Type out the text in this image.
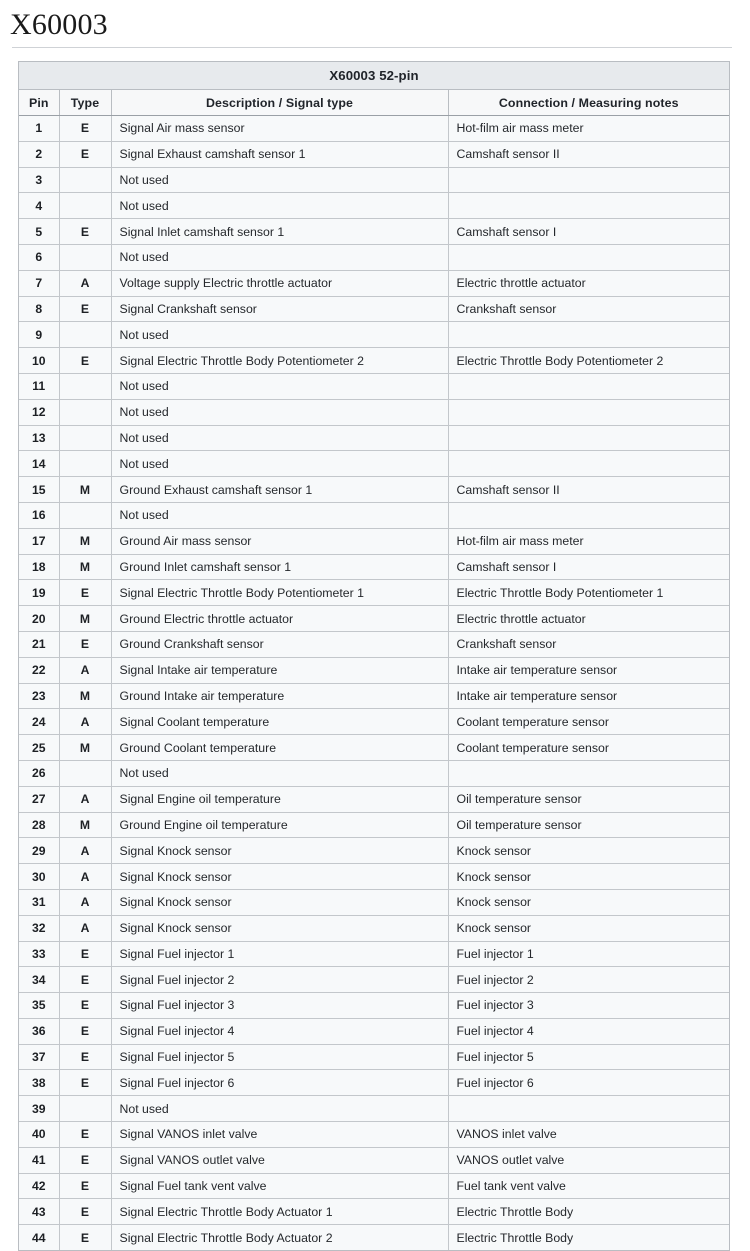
X60003
X60003 52-pin			
Pin	Type	Description / Signal type	Connection / Measuring notes
1	E	Signal Air mass sensor	Hot-film air mass meter
2	E	Signal Exhaust camshaft sensor 1	Camshaft sensor II
3		Not used	
4		Not used	
5	E	Signal Inlet camshaft sensor 1	Camshaft sensor I
6		Not used	
7	A	Voltage supply Electric throttle actuator	Electric throttle actuator
8	E	Signal Crankshaft sensor	Crankshaft sensor
9		Not used	
10	E	Signal Electric Throttle Body Potentiometer 2	Electric Throttle Body Potentiometer 2
11		Not used	
12		Not used	
13		Not used	
14		Not used	
15	M	Ground Exhaust camshaft sensor 1	Camshaft sensor II
16		Not used	
17	M	Ground Air mass sensor	Hot-film air mass meter
18	M	Ground Inlet camshaft sensor 1	Camshaft sensor I
19	E	Signal Electric Throttle Body Potentiometer 1	Electric Throttle Body Potentiometer 1
20	M	Ground Electric throttle actuator	Electric throttle actuator
21	E	Ground Crankshaft sensor	Crankshaft sensor
22	A	Signal Intake air temperature	Intake air temperature sensor
23	M	Ground Intake air temperature	Intake air temperature sensor
24	A	Signal Coolant temperature	Coolant temperature sensor
25	M	Ground Coolant temperature	Coolant temperature sensor
26		Not used	
27	A	Signal Engine oil temperature	Oil temperature sensor
28	M	Ground Engine oil temperature	Oil temperature sensor
29	A	Signal Knock sensor	Knock sensor
30	A	Signal Knock sensor	Knock sensor
31	A	Signal Knock sensor	Knock sensor
32	A	Signal Knock sensor	Knock sensor
33	E	Signal Fuel injector 1	Fuel injector 1
34	E	Signal Fuel injector 2	Fuel injector 2
35	E	Signal Fuel injector 3	Fuel injector 3
36	E	Signal Fuel injector 4	Fuel injector 4
37	E	Signal Fuel injector 5	Fuel injector 5
38	E	Signal Fuel injector 6	Fuel injector 6
39		Not used	
40	E	Signal VANOS inlet valve	VANOS inlet valve
41	E	Signal VANOS outlet valve	VANOS outlet valve
42	E	Signal Fuel tank vent valve	Fuel tank vent valve
43	E	Signal Electric Throttle Body Actuator 1	Electric Throttle Body
44	E	Signal Electric Throttle Body Actuator 2	Electric Throttle Body
